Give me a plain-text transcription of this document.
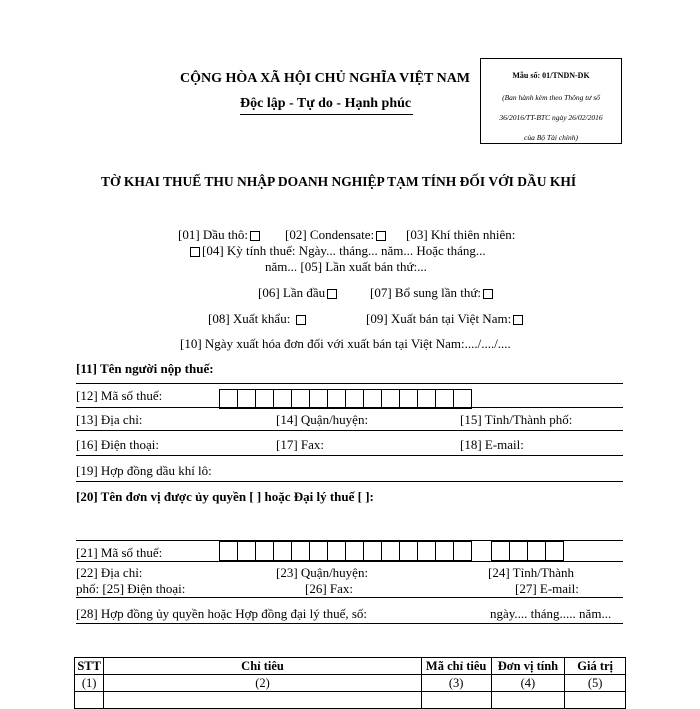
CỘNG HÒA XÃ HỘI CHỦ NGHĨA VIỆT NAM
Độc lập - Tự do - Hạnh phúc
Mẫu số: 01/TNDN-DK
(Ban hành kèm theo Thông tư số
36/2016/TT-BTC ngày 26/02/2016
của Bộ Tài chính)
TỜ KHAI THUẾ THU NHẬP DOANH NGHIỆP TẠM TÍNH ĐỐI VỚI DẦU KHÍ
[01] Dầu thô:	[02] Condensate:	[03] Khí thiên nhiên:
[04] Kỳ tính thuế: Ngày... tháng... năm... Hoặc tháng...
năm... [05] Lần xuất bán thứ:...
[06] Lần đầu	[07] Bổ sung lần thứ:
[08] Xuất khẩu:	[09] Xuất bán tại Việt Nam:
[10] Ngày xuất hóa đơn đối với xuất bán tại Việt Nam:..../..../....
[11] Tên người nộp thuế:
[12] Mã số thuế:
[13] Địa chỉ:	[14] Quận/huyện:	[15] Tỉnh/Thành phố:
[16] Điện thoại:	[17] Fax:	[18] E-mail:
[19] Hợp đồng dầu khí lô:
[20] Tên đơn vị được ủy quyền [ ] hoặc Đại lý thuế [ ]:
[21] Mã số thuế:
[22] Địa chỉ:	[23] Quận/huyện:	[24] Tỉnh/Thành
phố: [25] Điện thoại:	[26] Fax:	[27] E-mail:
[28] Hợp đồng ủy quyền hoặc Hợp đồng đại lý thuế, số:	ngày.... tháng..... năm...
STT	Chỉ tiêu	Mã chỉ tiêu	Đơn vị tính	Giá trị
(1)	(2)	(3)	(4)	(5)
